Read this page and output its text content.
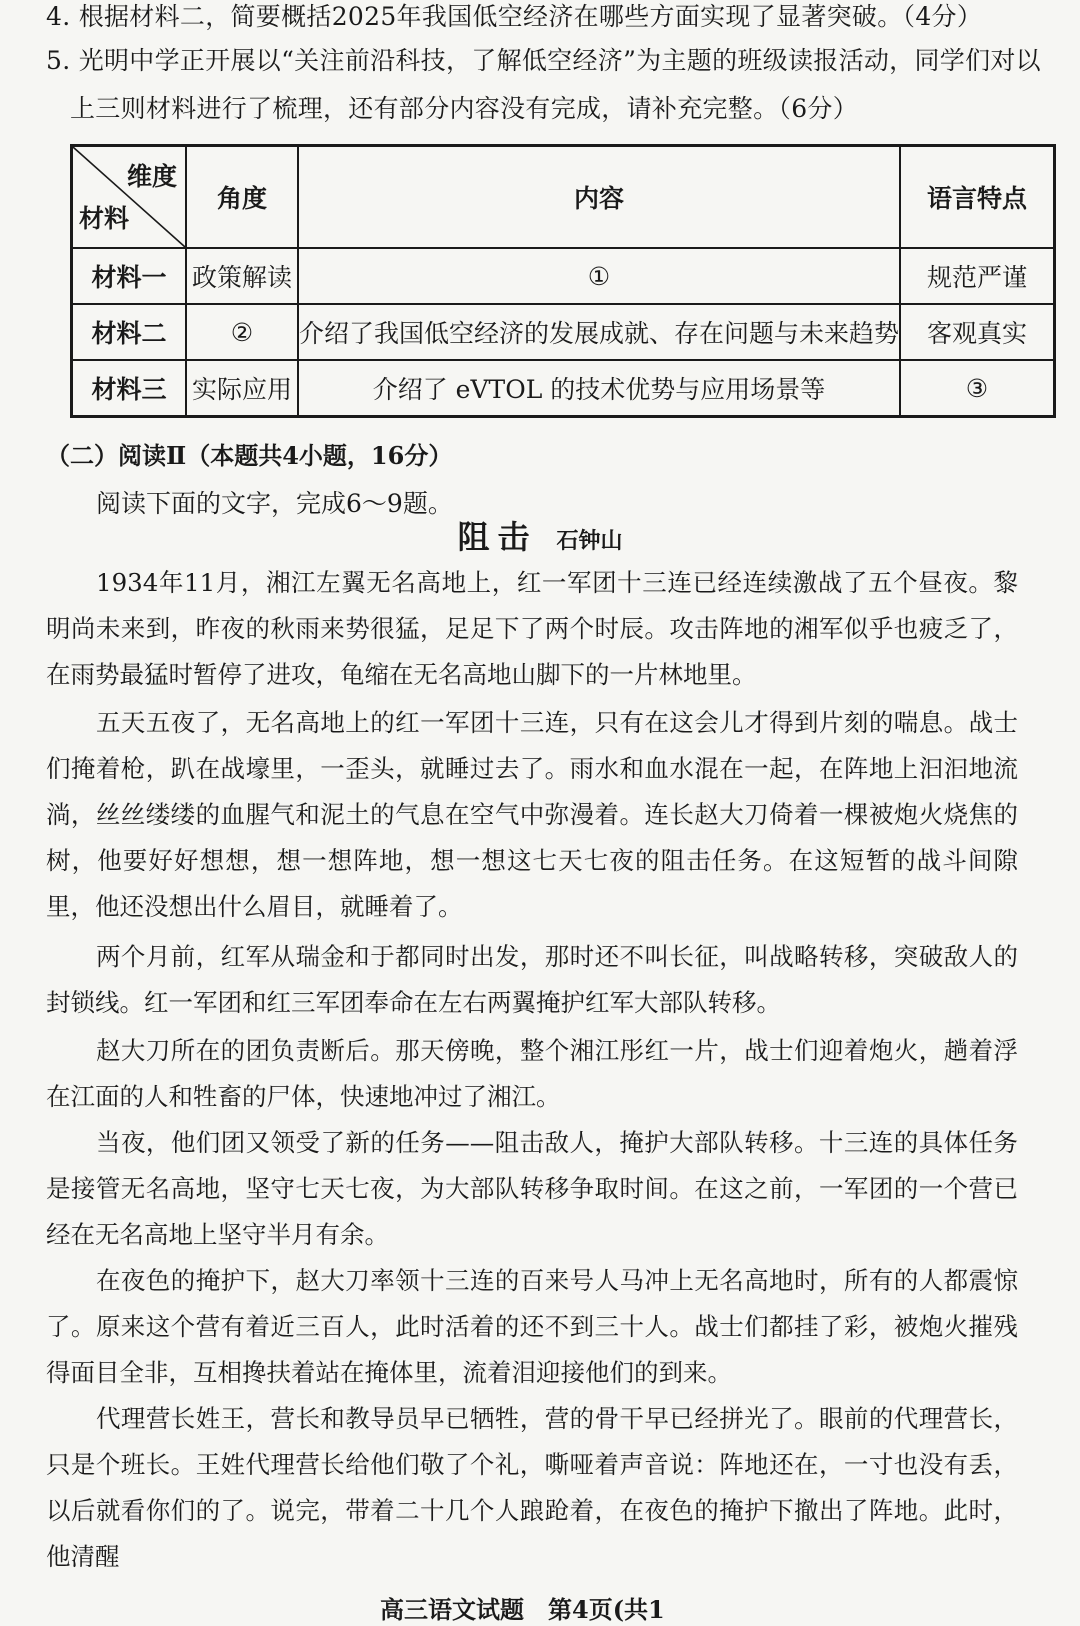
4. 根据材料二，简要概括2025年我国低空经济在哪些方面实现了显著突破。（4分）
5. 光明中学正开展以“关注前沿科技，了解低空经济”为主题的班级读报活动，同学们对以
上三则材料进行了梳理，还有部分内容没有完成，请补充完整。（6分）
维度
材料	角度	内容	语言特点
材料一	政策解读	①	规范严谨
材料二	②	介绍了我国低空经济的发展成就、存在问题与未来趋势	客观真实
材料三	实际应用	介绍了 eVTOL 的技术优势与应用场景等	③
（二）阅读Ⅱ（本题共4小题，16分）
阅读下面的文字，完成6～9题。
阻击 石钟山
1934年11月，湘江左翼无名高地上，红一军团十三连已经连续激战了五个昼夜。黎明尚未来到，昨夜的秋雨来势很猛，足足下了两个时辰。攻击阵地的湘军似乎也疲乏了，在雨势最猛时暂停了进攻，龟缩在无名高地山脚下的一片林地里。
五天五夜了，无名高地上的红一军团十三连，只有在这会儿才得到片刻的喘息。战士们掩着枪，趴在战壕里，一歪头，就睡过去了。雨水和血水混在一起，在阵地上汩汩地流淌，丝丝缕缕的血腥气和泥土的气息在空气中弥漫着。连长赵大刀倚着一棵被炮火烧焦的树，他要好好想想，想一想阵地，想一想这七天七夜的阻击任务。在这短暂的战斗间隙里，他还没想出什么眉目，就睡着了。
两个月前，红军从瑞金和于都同时出发，那时还不叫长征，叫战略转移，突破敌人的封锁线。红一军团和红三军团奉命在左右两翼掩护红军大部队转移。
赵大刀所在的团负责断后。那天傍晚，整个湘江彤红一片，战士们迎着炮火，趟着浮在江面的人和牲畜的尸体，快速地冲过了湘江。
当夜，他们团又领受了新的任务——阻击敌人，掩护大部队转移。十三连的具体任务是接管无名高地，坚守七天七夜，为大部队转移争取时间。在这之前，一军团的一个营已经在无名高地上坚守半月有余。
在夜色的掩护下，赵大刀率领十三连的百来号人马冲上无名高地时，所有的人都震惊了。原来这个营有着近三百人，此时活着的还不到三十人。战士们都挂了彩，被炮火摧残得面目全非，互相搀扶着站在掩体里，流着泪迎接他们的到来。
代理营长姓王，营长和教导员早已牺牲，营的骨干早已经拼光了。眼前的代理营长，只是个班长。王姓代理营长给他们敬了个礼，嘶哑着声音说：阵地还在，一寸也没有丢，以后就看你们的了。说完，带着二十几个人踉跄着，在夜色的掩护下撤出了阵地。此时，他清醒
高三语文试题　第4页(共1
